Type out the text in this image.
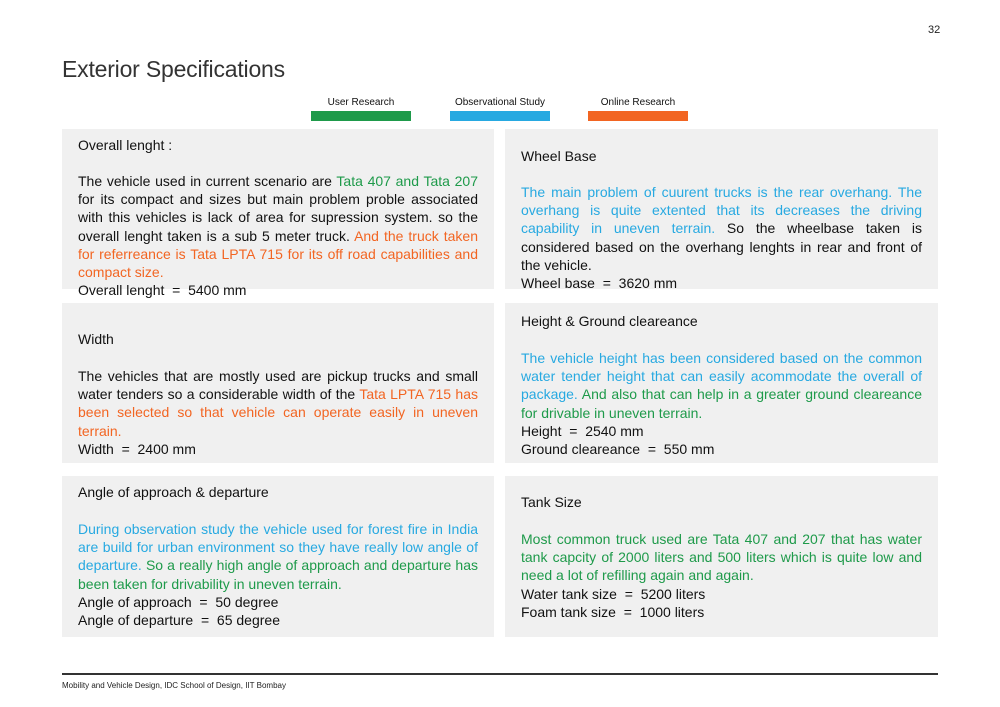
32
Exterior Specifications
User Research	Observational Study	Online Research
Overall lenght :

The vehicle used in current scenario are Tata 407 and Tata 207 for its compact and sizes but main problem proble associated with this vehicles is lack of area for supression system. so the overall lenght taken is a sub 5 meter truck. And the truck taken for referreance is Tata LPTA 715 for its off road capabilities and compact size.

Overall lenght  =  5400 mm
Wheel Base

The main problem of cuurent trucks is the rear overhang. The overhang is quite extented that its decreases the driving capability in uneven terrain. So the wheelbase taken is considered based on the overhang lenghts in rear and front of the vehicle.

Wheel base  =  3620 mm
Width

The vehicles that are mostly used are pickup trucks and small water tenders so a considerable width of the Tata LPTA 715 has been selected so that vehicle can operate easily in uneven terrain.

Width  =  2400 mm
Height & Ground cleareance

The vehicle height has been considered based on the common water tender height that can easily acommodate the overall of package. And also that can help in a greater ground cleareance for drivable in uneven terrain.

Height  =  2540 mm
Ground cleareance  =  550 mm
Angle of approach & departure

During observation study the vehicle used for forest fire in India are build for urban environment so they have really low angle of departure. So a really high angle of approach and departure has been taken for drivability in uneven terrain.

Angle of approach  =  50 degree
Angle of departure  =  65 degree
Tank Size

Most common truck used are Tata 407 and 207 that has water tank capcity of 2000 liters and 500 liters which is quite low and need a lot of refilling again and again.

Water tank size  =  5200 liters
Foam tank size  =  1000 liters
Mobility and Vehicle Design, IDC School of Design, IIT Bombay
